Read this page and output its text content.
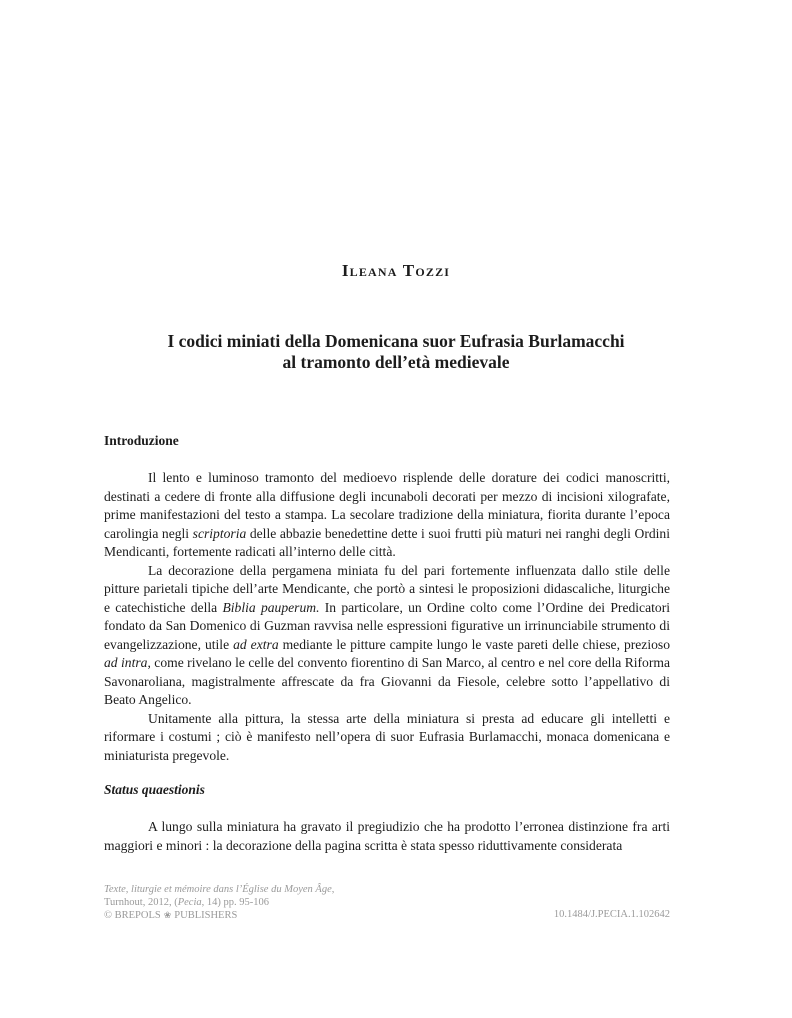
Ileana Tozzi
I codici miniati della Domenicana suor Eufrasia Burlamacchi
al tramonto dell’età medievale
Introduzione

Il lento e luminoso tramonto del medioevo risplende delle dorature dei codici manoscritti, destinati a cedere di fronte alla diffusione degli incunaboli decorati per mezzo di incisioni xilografate, prime manifestazioni del testo a stampa. La secolare tradizione della miniatura, fiorita durante l’epoca carolingia negli scriptoria delle abbazie benedettine dette i suoi frutti più maturi nei ranghi degli Ordini Mendicanti, fortemente radicati all’interno delle città.

La decorazione della pergamena miniata fu del pari fortemente influenzata dallo stile delle pitture parietali tipiche dell’arte Mendicante, che portò a sintesi le proposizioni didascaliche, liturgiche e catechistiche della Biblia pauperum. In particolare, un Ordine colto come l’Ordine dei Predicatori fondato da San Domenico di Guzman ravvisa nelle espressioni figurative un irrinunciabile strumento di evangelizzazione, utile ad extra mediante le pitture campite lungo le vaste pareti delle chiese, prezioso ad intra, come rivelano le celle del convento fiorentino di San Marco, al centro e nel core della Riforma Savonaroliana, magistralmente affrescate da fra Giovanni da Fiesole, celebre sotto l’appellativo di Beato Angelico.

Unitamente alla pittura, la stessa arte della miniatura si presta ad educare gli intelletti e riformare i costumi ; ciò è manifesto nell’opera di suor Eufrasia Burlamacchi, monaca domenicana e miniaturista pregevole.

Status quaestionis

A lungo sulla miniatura ha gravato il pregiudizio che ha prodotto l’erronea distinzione fra arti maggiori e minori : la decorazione della pagina scritta è stata spesso riduttivamente considerata

Texte, liturgie et mémoire dans l’Église du Moyen Âge,
Turnhout, 2012, (Pecia, 14) pp. 95-106
© BREPOLS ❀ PUBLISHERS	10.1484/J.PECIA.1.102642
